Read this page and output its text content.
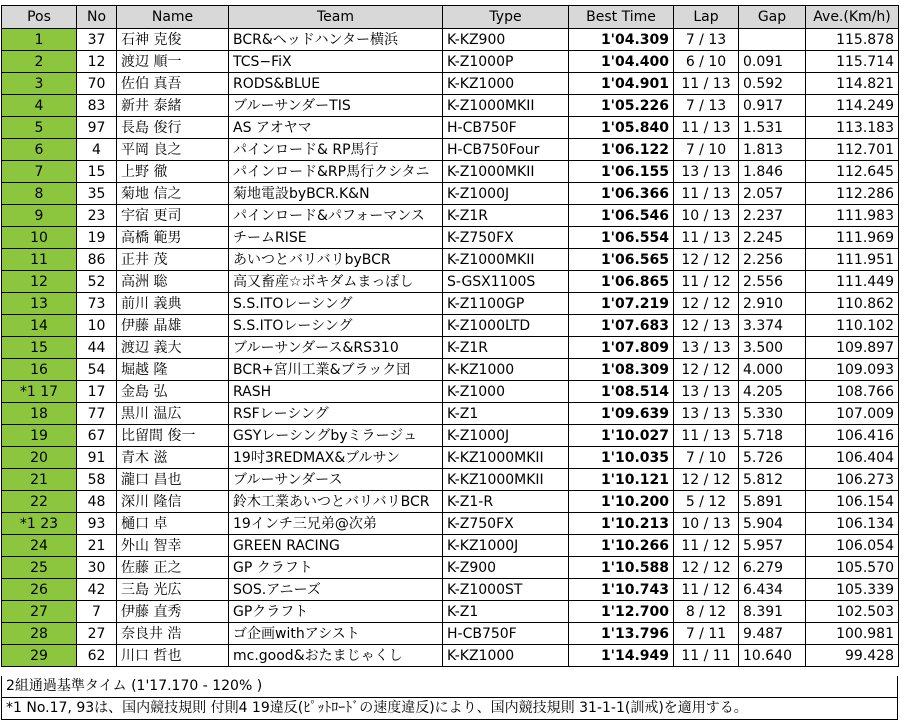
Pos	No	Name	Team	Type	Best Time	Lap	Gap	Ave.(Km/h)
1	37	石神 克俊	BCR&ヘッドハンター横浜	K-KZ900	1'04.309	7 / 13		115.878
2	12	渡辺 順一	TCS−FiX	K-Z1000P	1'04.400	6 / 10	0.091	115.714
3	70	佐伯 真吾	RODS&BLUE	K-KZ1000	1'04.901	11 / 13	0.592	114.821
4	83	新井 泰緒	ブルーサンダーTIS	K-Z1000MKII	1'05.226	7 / 13	0.917	114.249
5	97	長島 俊行	AS アオヤマ	H-CB750F	1'05.840	11 / 13	1.531	113.183
6	4	平岡 良之	パインロード& RP馬行	H-CB750Four	1'06.122	7 / 10	1.813	112.701
7	15	上野 徹	パインロード&RP馬行クシタニ	K-Z1000MKII	1'06.155	13 / 13	1.846	112.645
8	35	菊地 信之	菊地電設byBCR.K&N	K-Z1000J	1'06.366	11 / 13	2.057	112.286
9	23	宇宿 更司	パインロード&パフォーマンス	K-Z1R	1'06.546	10 / 13	2.237	111.983
10	19	高橋 範男	チームRISE	K-Z750FX	1'06.554	11 / 13	2.245	111.969
11	86	正井 茂	あいつとバリバリbyBCR	K-Z1000MKII	1'06.565	12 / 12	2.256	111.951
12	52	高洲 聡	高又畜産☆ボキダムまっぽし	S-GSX1100S	1'06.865	11 / 12	2.556	111.449
13	73	前川 義典	S.S.ITOレーシング	K-Z1100GP	1'07.219	12 / 12	2.910	110.862
14	10	伊藤 晶雄	S.S.ITOレーシング	K-Z1000LTD	1'07.683	12 / 13	3.374	110.102
15	44	渡辺 義大	ブルーサンダース&RS310	K-Z1R	1'07.809	13 / 13	3.500	109.897
16	54	堀越 隆	BCR+宮川工業&ブラック団	K-KZ1000	1'08.309	12 / 12	4.000	109.093
*1 17	17	金島 弘	RASH	K-Z1000	1'08.514	13 / 13	4.205	108.766
18	77	黒川 温広	RSFレーシング	K-Z1	1'09.639	13 / 13	5.330	107.009
19	67	比留間 俊一	GSYレーシングbyミラージュ	K-Z1000J	1'10.027	11 / 13	5.718	106.416
20	91	青木 滋	19吋3REDMAX&ブルサン	K-KZ1000MKII	1'10.035	7 / 10	5.726	106.404
21	58	瀧口 昌也	ブルーサンダース	K-KZ1000MKII	1'10.121	12 / 12	5.812	106.273
22	48	深川 隆信	鈴木工業あいつとバリバリBCR	K-Z1-R	1'10.200	5 / 12	5.891	106.154
*1 23	93	樋口 卓	19インチ三兄弟@次弟	K-Z750FX	1'10.213	10 / 13	5.904	106.134
24	21	外山 智幸	GREEN RACING	K-KZ1000J	1'10.266	11 / 12	5.957	106.054
25	30	佐藤 正之	GP クラフト	K-Z900	1'10.588	12 / 12	6.279	105.570
26	42	三島 光広	SOS.アニーズ	K-Z1000ST	1'10.743	11 / 12	6.434	105.339
27	7	伊藤 直秀	GPクラフト	K-Z1	1'12.700	8 / 12	8.391	102.503
28	27	奈良井 浩	ゴ企画withアシスト	H-CB750F	1'13.796	7 / 11	9.487	100.981
29	62	川口 哲也	mc.good&おたまじゃくし	K-KZ1000	1'14.949	11 / 11	10.640	99.428
2組通過基準タイム (1'17.170 - 120% )
*1 No.17, 93は、国内競技規則 付則4 19違反(ﾋﾟｯﾄﾛｰﾄﾞの速度違反)により、国内競技規則 31-1-1(訓戒)を適用する。
